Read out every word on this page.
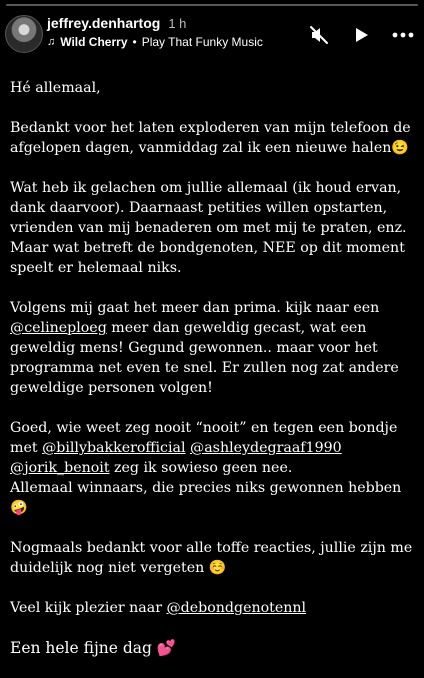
jeffrey.denhartog 1 h
♫ Wild Cherry • Play That Funky Music

Hé allemaal,

Bedankt voor het laten exploderen van mijn telefoon de afgelopen dagen, vanmiddag zal ik een nieuwe halen😉

Wat heb ik gelachen om jullie allemaal (ik houd ervan, dank daarvoor). Daarnaast petities willen opstarten, vrienden van mij benaderen om met mij te praten, enz. Maar wat betreft de bondgenoten, NEE op dit moment speelt er helemaal niks.

Volgens mij gaat het meer dan prima. kijk naar een @celineploeg meer dan geweldig gecast, wat een geweldig mens! Gegund gewonnen.. maar voor het programma net even te snel. Er zullen nog zat andere geweldige personen volgen!

Goed, wie weet zeg nooit “nooit” en tegen een bondje met @billybakkerofficial @ashleydegraaf1990 @jorik_benoit zeg ik sowieso geen nee.
Allemaal winnaars, die precies niks gewonnen hebben🤪

Nogmaals bedankt voor alle toffe reacties, jullie zijn me duidelijk nog niet vergeten ☺️

Veel kijk plezier naar @debondgenotennl

Een hele fijne dag 💕
